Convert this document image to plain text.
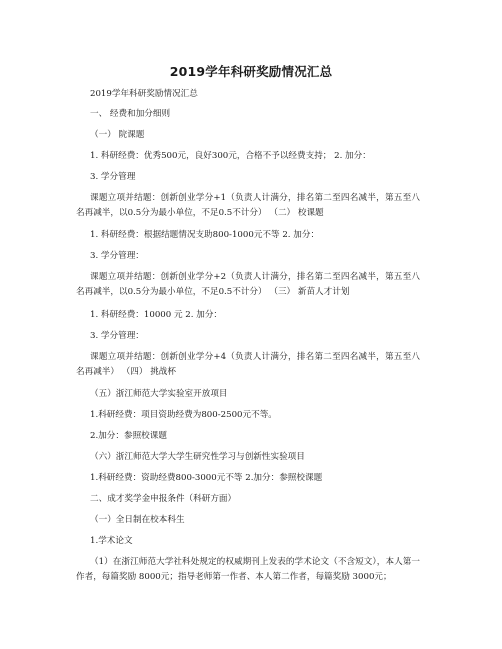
2019学年科研奖励情况汇总
2019学年科研奖励情况汇总
一、 经费和加分细则
（一） 院课题
1. 科研经费：优秀500元，良好300元，合格不予以经费支持； 2. 加分：
3. 学分管理
课题立项并结题：创新创业学分+1（负责人计满分，排名第二至四名减半，第五至八名再减半，以0.5分为最小单位，不足0.5不计分） （二） 校课题
1. 科研经费：根据结题情况支助800-1000元不等 2. 加分：
3. 学分管理：
课题立项并结题：创新创业学分+2（负责人计满分，排名第二至四名减半，第五至八名再减半，以0.5分为最小单位，不足0.5不计分） （三） 新苗人才计划
1. 科研经费：10000 元 2. 加分：
3. 学分管理：
课题立项并结题：创新创业学分+4（负责人计满分，排名第二至四名减半，第五至八名再减半） （四） 挑战杯
（五）浙江师范大学实验室开放项目
1.科研经费：项目资助经费为800-2500元不等。
2.加分：参照校课题
（六）浙江师范大学大学生研究性学习与创新性实验项目
1.科研经费：资助经费800-3000元不等 2.加分：参照校课题
二、成才奖学金申报条件（科研方面）
（一）全日制在校本科生
1.学术论文
（1）在浙江师范大学社科处规定的权威期刊上发表的学术论文（不含短文），本人第一作者，每篇奖励 8000元；指导老师第一作者、本人第二作者，每篇奖励 3000元；
